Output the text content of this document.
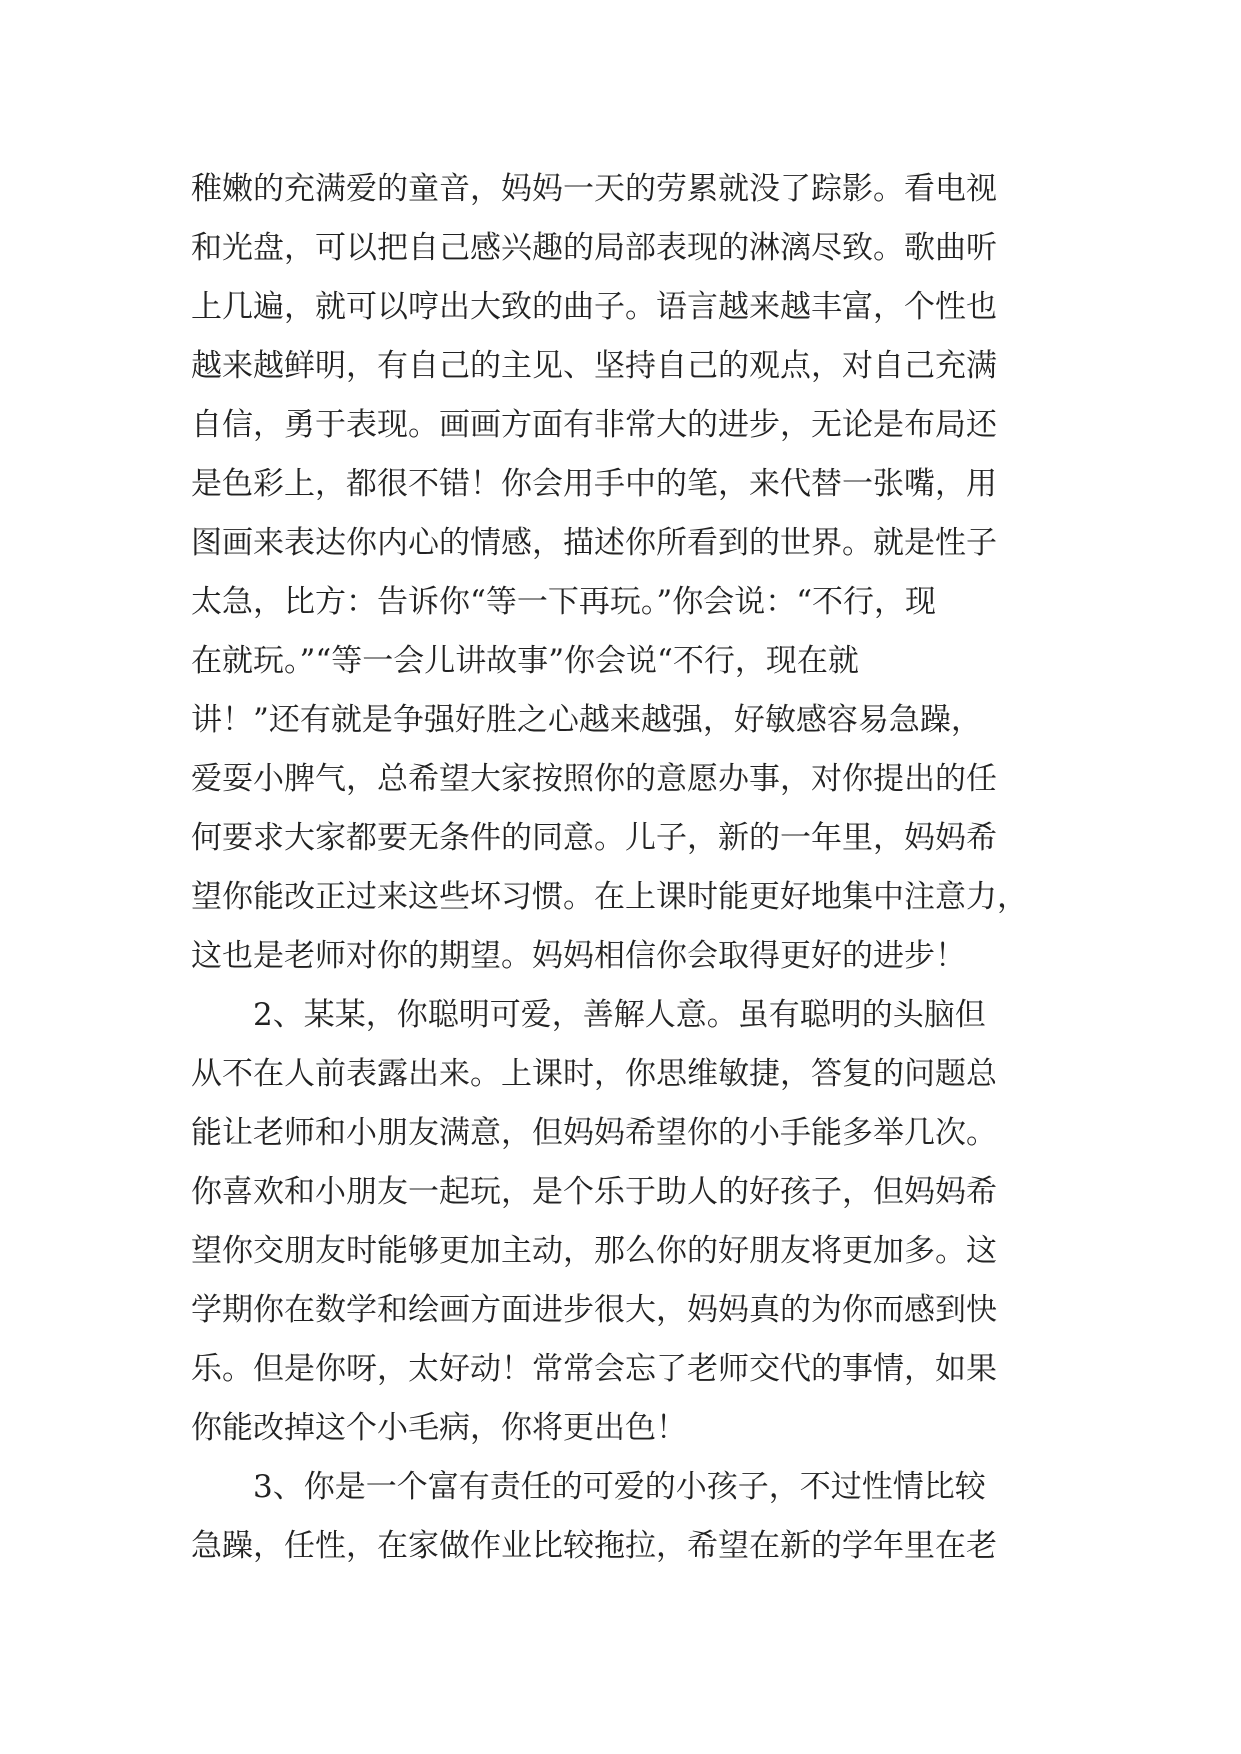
稚嫩的充满爱的童音，妈妈一天的劳累就没了踪影。看电视
和光盘，可以把自己感兴趣的局部表现的淋漓尽致。歌曲听
上几遍，就可以哼出大致的曲子。语言越来越丰富，个性也
越来越鲜明，有自己的主见、坚持自己的观点，对自己充满
自信，勇于表现。画画方面有非常大的进步，无论是布局还
是色彩上，都很不错！你会用手中的笔，来代替一张嘴，用
图画来表达你内心的情感，描述你所看到的世界。就是性子
太急，比方：告诉你“等一下再玩。”你会说：“不行，现
在就玩。”“等一会儿讲故事”你会说“不行，现在就
讲！”还有就是争强好胜之心越来越强，好敏感容易急躁，
爱耍小脾气，总希望大家按照你的意愿办事，对你提出的任
何要求大家都要无条件的同意。儿子，新的一年里，妈妈希
望你能改正过来这些坏习惯。在上课时能更好地集中注意力，
这也是老师对你的期望。妈妈相信你会取得更好的进步！
2、某某，你聪明可爱，善解人意。虽有聪明的头脑但
从不在人前表露出来。上课时，你思维敏捷，答复的问题总
能让老师和小朋友满意，但妈妈希望你的小手能多举几次。
你喜欢和小朋友一起玩，是个乐于助人的好孩子，但妈妈希
望你交朋友时能够更加主动，那么你的好朋友将更加多。这
学期你在数学和绘画方面进步很大，妈妈真的为你而感到快
乐。但是你呀，太好动！常常会忘了老师交代的事情，如果
你能改掉这个小毛病，你将更出色！
3、你是一个富有责任的可爱的小孩子，不过性情比较
急躁，任性，在家做作业比较拖拉，希望在新的学年里在老
